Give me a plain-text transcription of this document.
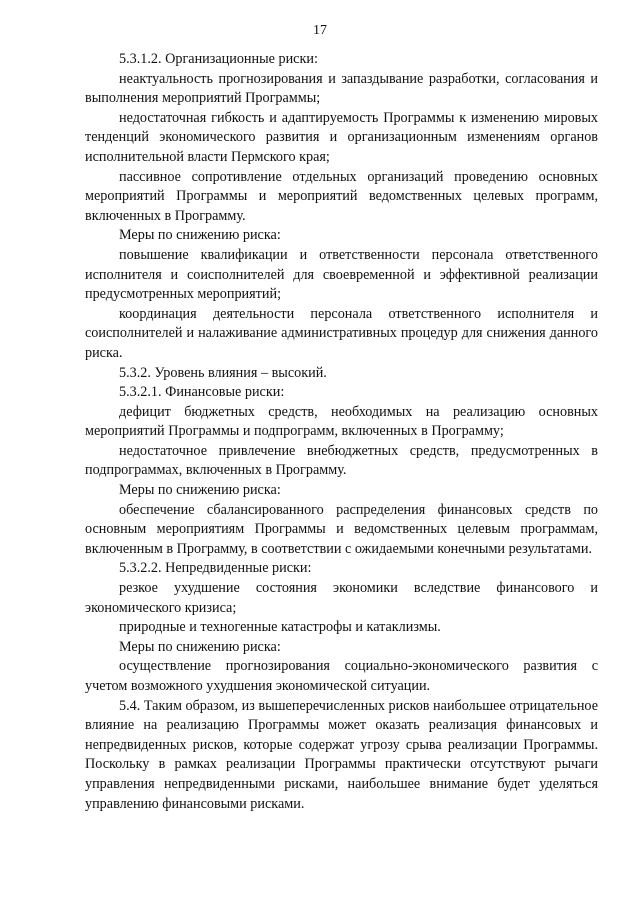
17

5.3.1.2. Организационные риски:

неактуальность прогнозирования и запаздывание разработки, согласования и выполнения мероприятий Программы;

недостаточная гибкость и адаптируемость Программы к изменению мировых тенденций экономического развития и организационным изменениям органов исполнительной власти Пермского края;

пассивное сопротивление отдельных организаций проведению основных мероприятий Программы и мероприятий ведомственных целевых программ, включенных в Программу.

Меры по снижению риска:

повышение квалификации и ответственности персонала ответственного исполнителя и соисполнителей для своевременной и эффективной реализации предусмотренных мероприятий;

координация деятельности персонала ответственного исполнителя и соисполнителей и налаживание административных процедур для снижения данного риска.

5.3.2. Уровень влияния – высокий.

5.3.2.1. Финансовые риски:

дефицит бюджетных средств, необходимых на реализацию основных мероприятий Программы и подпрограмм, включенных в Программу;

недостаточное привлечение внебюджетных средств, предусмотренных в подпрограммах, включенных в Программу.

Меры по снижению риска:

обеспечение сбалансированного распределения финансовых средств по основным мероприятиям Программы и ведомственных целевым программам, включенным в Программу, в соответствии с ожидаемыми конечными результатами.

5.3.2.2. Непредвиденные риски:

резкое ухудшение состояния экономики вследствие финансового и экономического кризиса;

природные и техногенные катастрофы и катаклизмы.

Меры по снижению риска:

осуществление прогнозирования социально-экономического развития с учетом возможного ухудшения экономической ситуации.

5.4. Таким образом, из вышеперечисленных рисков наибольшее отрицательное влияние на реализацию Программы может оказать реализация финансовых и непредвиденных рисков, которые содержат угрозу срыва реализации Программы. Поскольку в рамках реализации Программы практически отсутствуют рычаги управления непредвиденными рисками, наибольшее внимание будет уделяться управлению финансовыми рисками.
